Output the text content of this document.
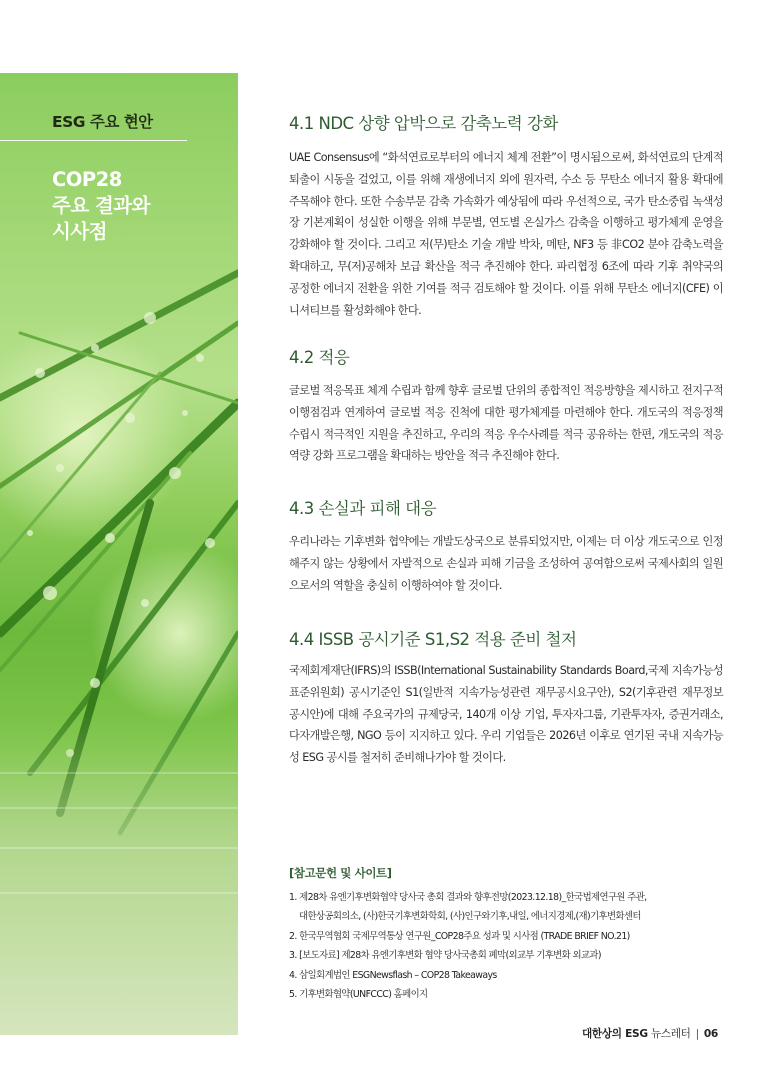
ESG 주요 현안
COP28
주요 결과와
시사점
4.1 NDC 상향 압박으로 감축노력 강화

UAE Consensus에 “화석연료로부터의 에너지 체계 전환”이 명시됨으로써, 화석연료의 단계적 퇴출이 시동을 걸었고, 이를 위해 재생에너지 외에 원자력, 수소 등 무탄소 에너지 활용 확대에 주목해야 한다. 또한 수송부문 감축 가속화가 예상됨에 따라 우선적으로, 국가 탄소중립 녹색성장 기본계획이 성실한 이행을 위해 부문별, 연도별 온실가스 감축을 이행하고 평가체계 운영을 강화해야 할 것이다. 그리고 저(무)탄소 기술 개발 박차, 메탄, NF3 등 非CO2 분야 감축노력을 확대하고, 무(저)공해차 보급 확산을 적극 추진해야 한다. 파리협정 6조에 따라 기후 취약국의 공정한 에너지 전환을 위한 기여를 적극 검토해야 할 것이다. 이를 위해 무탄소 에너지(CFE) 이니셔티브를 활성화해야 한다.

4.2 적응

글로벌 적응목표 체계 수립과 함께 향후 글로벌 단위의 종합적인 적응방향을 제시하고 전지구적 이행점검과 연계하여 글로벌 적응 진척에 대한 평가체계를 마련해야 한다. 개도국의 적응정책 수립시 적극적인 지원을 추진하고, 우리의 적응 우수사례를 적극 공유하는 한편, 개도국의 적응 역량 강화 프로그램을 확대하는 방안을 적극 추진해야 한다.

4.3 손실과 피해 대응

우리나라는 기후변화 협약에는 개발도상국으로 분류되었지만, 이제는 더 이상 개도국으로 인정해주지 않는 상황에서 자발적으로 손실과 피해 기금을 조성하여 공여함으로써 국제사회의 일원으로서의 역할을 충실히 이행하여야 할 것이다.

4.4 ISSB 공시기준 S1,S2 적용 준비 철저

국제회계재단(IFRS)의 ISSB(International Sustainability Standards Board,국제 지속가능성 표준위원회) 공시기준인 S1(일반적 지속가능성관련 재무공시요구안), S2(기후관련 재무정보 공시안)에 대해 주요국가의 규제당국, 140개 이상 기업, 투자자그룹, 기관투자자, 증권거래소, 다자개발은행, NGO 등이 지지하고 있다. 우리 기업들은 2026년 이후로 연기된 국내 지속가능성 ESG 공시를 철저히 준비해나가야 할 것이다.

[참고문헌 및 사이트]
1. 제28차 유엔기후변화협약 당사국 총회 결과와 향후전망(2023.12.18)_한국법제연구원 주관,
대한상공회의소, (사)한국기후변화학회, (사)인구와기후,내일, 에너지경제,(재)기후변화센터
2. 한국무역협회 국제무역통상 연구원_COP28주요 성과 및 시사점 (TRADE BRIEF NO.21)
3. [보도자료] 제28차 유엔기후변화 협약 당사국총회 폐막(외교부 기후변화 외교과)
4. 삼일회계법인 ESGNewsflash – COP28 Takeaways
5. 기후변화협약(UNFCCC) 홈페이지
대한상의 ESG 뉴스레터 | 06
